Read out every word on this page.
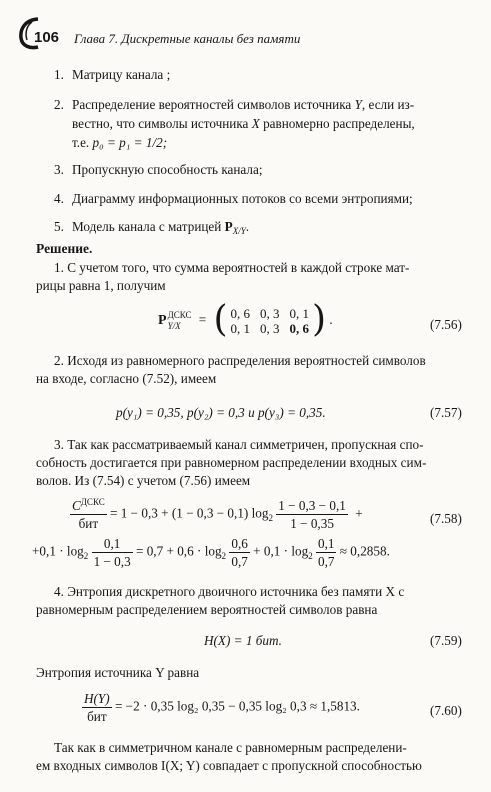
106 Глава 7. Дискретные каналы без памяти
1. Матрицу канала ;
2. Распределение вероятностей символов источника Y, если из-
вестно, что символы источника X равномерно распределены,
т.е. p₀ = p₁ = 1/2;
3. Пропускную способность канала;
4. Диаграмму информационных потоков со всеми энтропиями;
5. Модель канала с матрицей $P_{X/Y}$.
Решение.
1. С учетом того, что сумма вероятностей в каждой строке мат-
рицы равна 1, получим
P ДСКС
Y/X	= ( 0, 6	0, 3	0, 1
0, 1	0, 3	0, 6 ) .	(7.56)
2. Исходя из равномерного распределения вероятностей символов
на входе, согласно (7.52), имеем
p(y₁) = 0,35, p(y₂) = 0,3 и p(y₃) = 0,35.	(7.57)
3. Так как рассматриваемый канал симметричен, пропускная спо-
собность достигается при равномерном распределении входных сим-
волов. Из (7.54) с учетом (7.56) имеем
$\frac{C^{ДСКС}}{\text{бит}} = 1 - 0,3 + (1 - 0,3 - 0,1)$ $\log_2 \frac{1 - 0,3 - 0,1}{1 - 0,35}$ +	(7.58)
$+0,1 \cdot \log_2 \frac{0,1}{1 - 0,3} = 0,7 + 0,6 \cdot \log_2 \frac{0,6}{0,7} + 0,1 \cdot \log_2 \frac{0,1}{0,7} \approx 0,2858$.
4. Энтропия дискретного двоичного источника без памяти X с
равномерным распределением вероятностей символов равна
H(X) = 1 бит.	(7.59)
Энтропия источника Y равна
$\frac{H(Y)}{\text{бит}} = -2 \cdot 0,35$ log₂ 0,35 − 0,35 log₂ 0,3 ≈ 1,5813.	(7.60)
Так как в симметричном канале с равномерным распределени-
ем входных символов I(X; Y) совпадает с пропускной способностью
